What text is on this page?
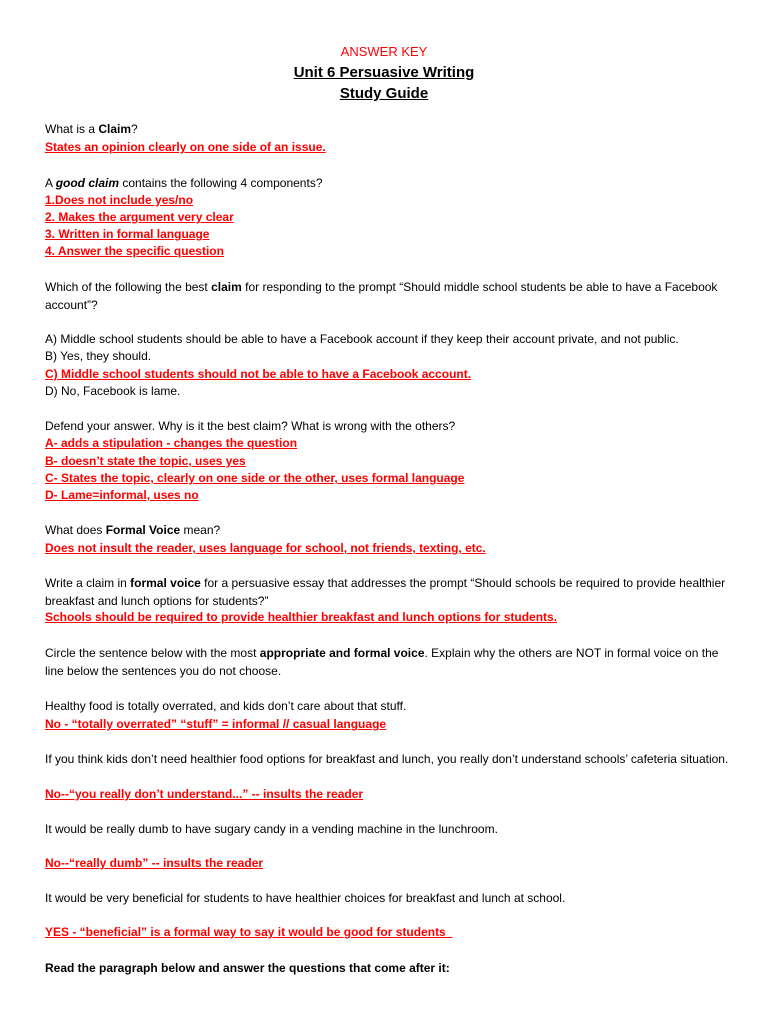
ANSWER KEY
Unit 6 Persuasive Writing
Study Guide
What is a Claim?
States an opinion clearly on one side of an issue.
A good claim contains the following 4 components?
1.Does not include yes/no
2. Makes the argument very clear
3. Written in formal language
4. Answer the specific question
Which of the following the best claim for responding to the prompt “Should middle school students be able to have a Facebook account”?
A) Middle school students should be able to have a Facebook account if they keep their account private, and not public.
B) Yes, they should.
C) Middle school students should not be able to have a Facebook account.
D) No, Facebook is lame.
Defend your answer. Why is it the best claim? What is wrong with the others?
A- adds a stipulation - changes the question
B- doesn’t state the topic, uses yes
C- States the topic, clearly on one side or the other, uses formal language
D- Lame=informal, uses no
What does Formal Voice mean?
Does not insult the reader, uses language for school, not friends, texting, etc.
Write a claim in formal voice for a persuasive essay that addresses the prompt “Should schools be required to provide healthier breakfast and lunch options for students?”
Schools should be required to provide healthier breakfast and lunch options for students.
Circle the sentence below with the most appropriate and formal voice. Explain why the others are NOT in formal voice on the line below the sentences you do not choose.
Healthy food is totally overrated, and kids don’t care about that stuff.
No - “totally overrated” “stuff” = informal // casual language
If you think kids don’t need healthier food options for breakfast and lunch, you really don’t understand schools’ cafeteria situation.
No--“you really don’t understand...” -- insults the reader
It would be really dumb to have sugary candy in a vending machine in the lunchroom.
No--“really dumb” -- insults the reader
It would be very beneficial for students to have healthier choices for breakfast and lunch at school.
YES - “beneficial” is a formal way to say it would be good for students
Read the paragraph below and answer the questions that come after it:
